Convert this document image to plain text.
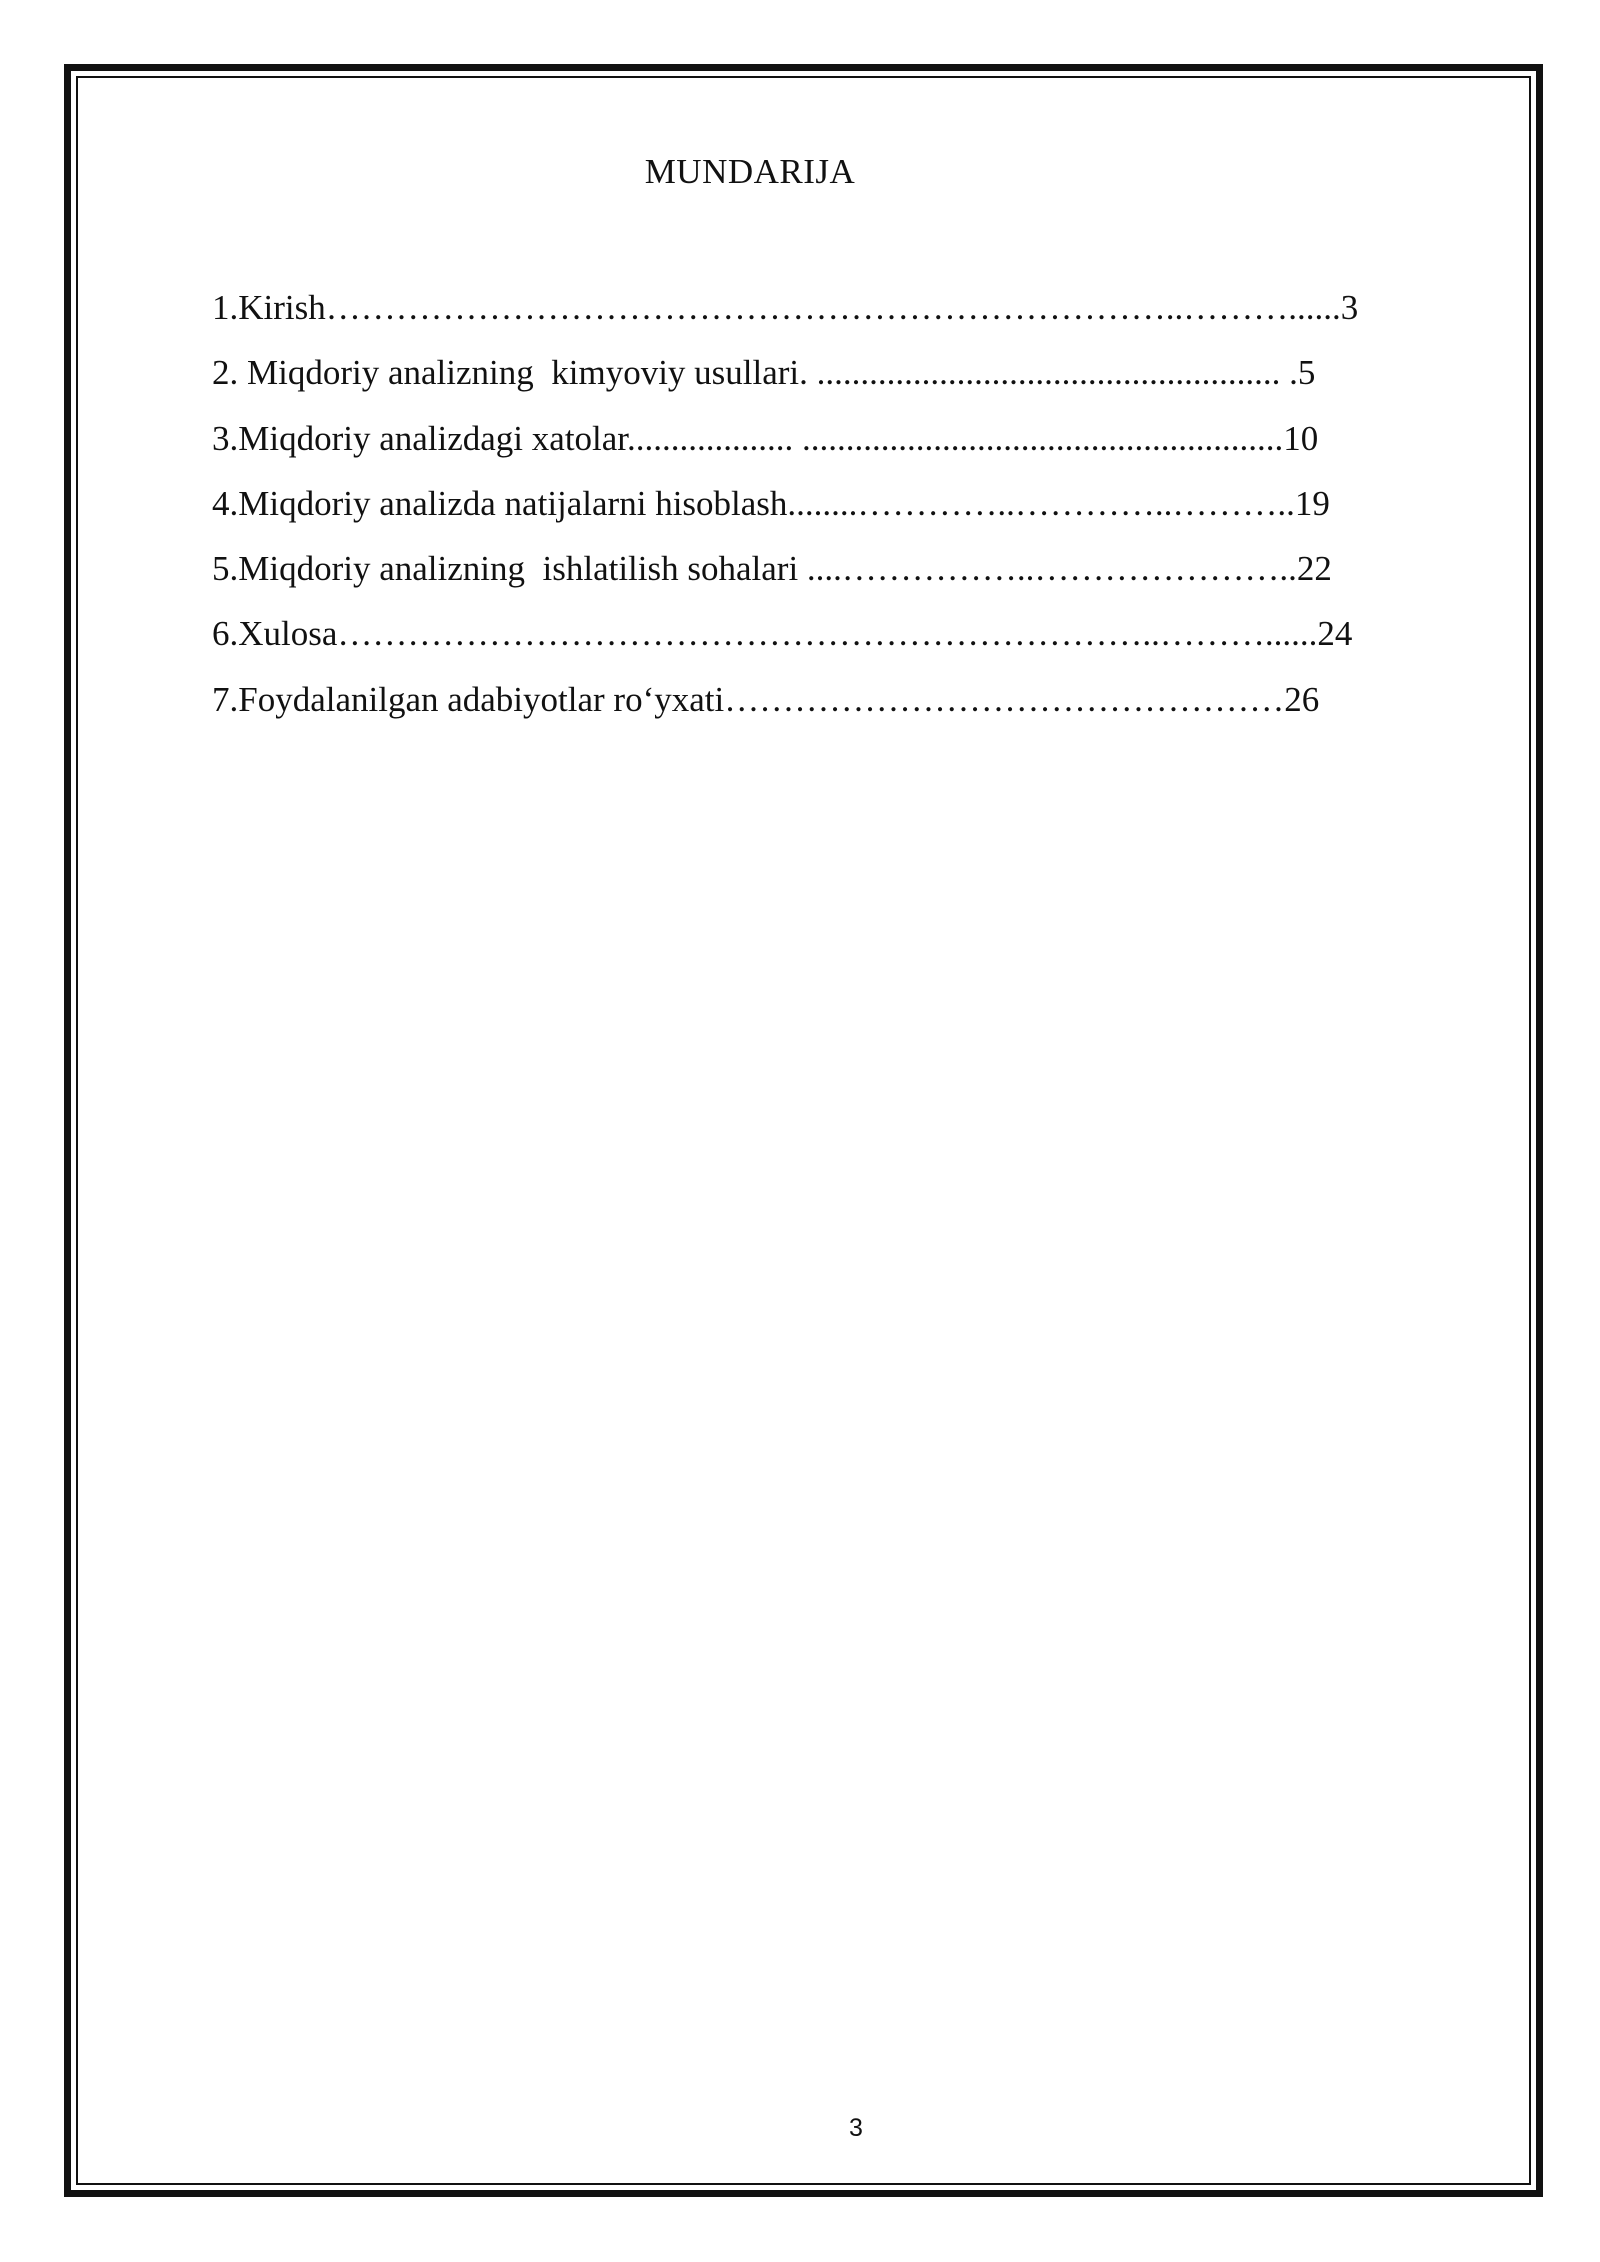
MUNDARIJA
1.Kirish………………………………………………………………..………......3
2. Miqdoriy analizning  kimyoviy usullari. ..................................................... .5
3.Miqdoriy analizdagi xatolar................... .......................................................10
4.Miqdoriy analizda natijalarni hisoblash........…………..…………..………..19
5.Miqdoriy analizning  ishlatilish sohalari ....……………..…………………..22
6.Xulosa……………………………………………………………..………......24
7.Foydalanilgan adabiyotlar ro‘yxati…………………………………………26
3
